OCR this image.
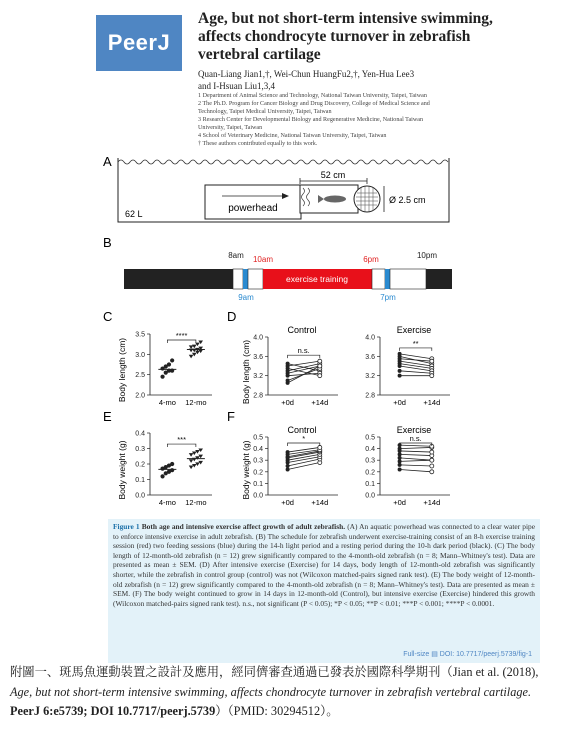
PeerJ
Age, but not short-term intensive swimming, affects chondrocyte turnover in zebrafish vertebral cartilage
Quan-Liang Jian1,†, Wei-Chun HuangFu2,†, Yen-Hua Lee3
and I-Hsuan Liu1,3,4
1 Department of Animal Science and Technology, National Taiwan University, Taipei, Taiwan
2 The Ph.D. Program for Cancer Biology and Drug Discovery, College of Medical Science and
Technology, Taipei Medical University, Taipei, Taiwan
3 Research Center for Developmental Biology and Regenerative Medicine, National Taiwan
University, Taipei, Taiwan
4 School of Veterinary Medicine, National Taiwan University, Taipei, Taiwan
† These authors contributed equally to this work.
A
powerhead
52 cm
Ø 2.5 cm
62 L
B
8am 10am	6pm	10pm
exercise training
9am	7pm
C	D
E	F
Control	Exercise
Control	Exercise
Body length (cm)	Body length (cm)
Body weight (g)	Body weight (g)
2.0
2.5
3.0
3.5
4-mo 12-mo
****
2.8
3.2
3.6
4.0
+0d +14d
n.s.
2.8
3.2
3.6
4.0
+0d +14d
**
0.0
0.1
0.2
0.3
0.4
4-mo 12-mo
***
0.0
0.1
0.2
0.3
0.4
0.5
+0d +14d
*
0.0
0.1
0.2
0.3
0.4
0.5
+0d +14d
n.s.
Figure 1 Both age and intensive exercise affect growth of adult zebrafish. (A) An aquatic powerhead was connected to a clear water pipe to enforce intensive exercise in adult zebrafish. (B) The schedule for zebrafish underwent exercise-training consist of an 8-h exercise training session (red) two feeding sessions (blue) during the 14-h light period and a resting period during the 10-h dark period (black). (C) The body length of 12-month-old zebrafish (n = 12) grew significantly compared to the 4-month-old zebrafish (n = 8; Mann–Whitney's test). Data are presented as mean ± SEM. (D) After intensive exercise (Exercise) for 14 days, body length of 12-month-old zebrafish was significantly shorter, while the zebrafish in control group (control) was not (Wilcoxon matched-pairs signed rank test). (E) The body weight of 12-month-old zebrafish (n = 12) grew significantly compared to the 4-month-old zebrafish (n = 8; Mann–Whitney's test). Data are presented as mean ± SEM. (F) The body weight continued to grow in 14 days in 12-month-old (Control), but intensive exercise (Exercise) hindered this growth (Wilcoxon matched-pairs signed rank test). n.s., not significant (P < 0.05); *P < 0.05; **P < 0.01; ***P < 0.001; ****P < 0.0001.
Full-size ▤ DOI: 10.7717/peerj.5739/fig-1
附圖一、斑馬魚運動裝置之設計及應用，經同儕審查通過已發表於國際科學期刊（Jian et al. (2018), Age, but not short-term intensive swimming, affects chondrocyte turnover in zebrafish vertebral cartilage. PeerJ 6:e5739; DOI 10.7717/peerj.5739）（PMID: 30294512）。
